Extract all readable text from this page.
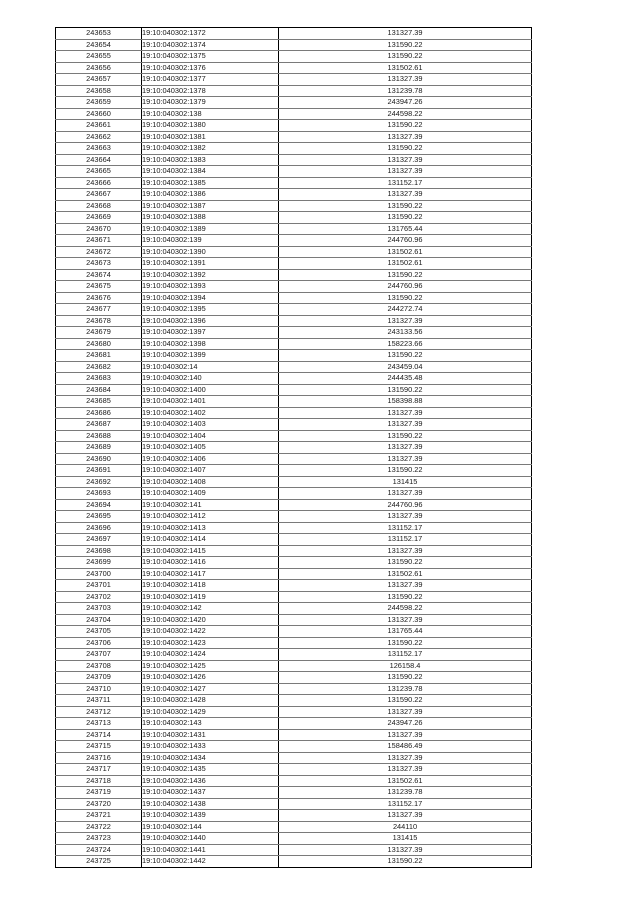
243653	19:10:040302:1372	131327.39
243654	19:10:040302:1374	131590.22
243655	19:10:040302:1375	131590.22
243656	19:10:040302:1376	131502.61
243657	19:10:040302:1377	131327.39
243658	19:10:040302:1378	131239.78
243659	19:10:040302:1379	243947.26
243660	19:10:040302:138	244598.22
243661	19:10:040302:1380	131590.22
243662	19:10:040302:1381	131327.39
243663	19:10:040302:1382	131590.22
243664	19:10:040302:1383	131327.39
243665	19:10:040302:1384	131327.39
243666	19:10:040302:1385	131152.17
243667	19:10:040302:1386	131327.39
243668	19:10:040302:1387	131590.22
243669	19:10:040302:1388	131590.22
243670	19:10:040302:1389	131765.44
243671	19:10:040302:139	244760.96
243672	19:10:040302:1390	131502.61
243673	19:10:040302:1391	131502.61
243674	19:10:040302:1392	131590.22
243675	19:10:040302:1393	244760.96
243676	19:10:040302:1394	131590.22
243677	19:10:040302:1395	244272.74
243678	19:10:040302:1396	131327.39
243679	19:10:040302:1397	243133.56
243680	19:10:040302:1398	158223.66
243681	19:10:040302:1399	131590.22
243682	19:10:040302:14	243459.04
243683	19:10:040302:140	244435.48
243684	19:10:040302:1400	131590.22
243685	19:10:040302:1401	158398.88
243686	19:10:040302:1402	131327.39
243687	19:10:040302:1403	131327.39
243688	19:10:040302:1404	131590.22
243689	19:10:040302:1405	131327.39
243690	19:10:040302:1406	131327.39
243691	19:10:040302:1407	131590.22
243692	19:10:040302:1408	131415
243693	19:10:040302:1409	131327.39
243694	19:10:040302:141	244760.96
243695	19:10:040302:1412	131327.39
243696	19:10:040302:1413	131152.17
243697	19:10:040302:1414	131152.17
243698	19:10:040302:1415	131327.39
243699	19:10:040302:1416	131590.22
243700	19:10:040302:1417	131502.61
243701	19:10:040302:1418	131327.39
243702	19:10:040302:1419	131590.22
243703	19:10:040302:142	244598.22
243704	19:10:040302:1420	131327.39
243705	19:10:040302:1422	131765.44
243706	19:10:040302:1423	131590.22
243707	19:10:040302:1424	131152.17
243708	19:10:040302:1425	126158.4
243709	19:10:040302:1426	131590.22
243710	19:10:040302:1427	131239.78
243711	19:10:040302:1428	131590.22
243712	19:10:040302:1429	131327.39
243713	19:10:040302:143	243947.26
243714	19:10:040302:1431	131327.39
243715	19:10:040302:1433	158486.49
243716	19:10:040302:1434	131327.39
243717	19:10:040302:1435	131327.39
243718	19:10:040302:1436	131502.61
243719	19:10:040302:1437	131239.78
243720	19:10:040302:1438	131152.17
243721	19:10:040302:1439	131327.39
243722	19:10:040302:144	244110
243723	19:10:040302:1440	131415
243724	19:10:040302:1441	131327.39
243725	19:10:040302:1442	131590.22
